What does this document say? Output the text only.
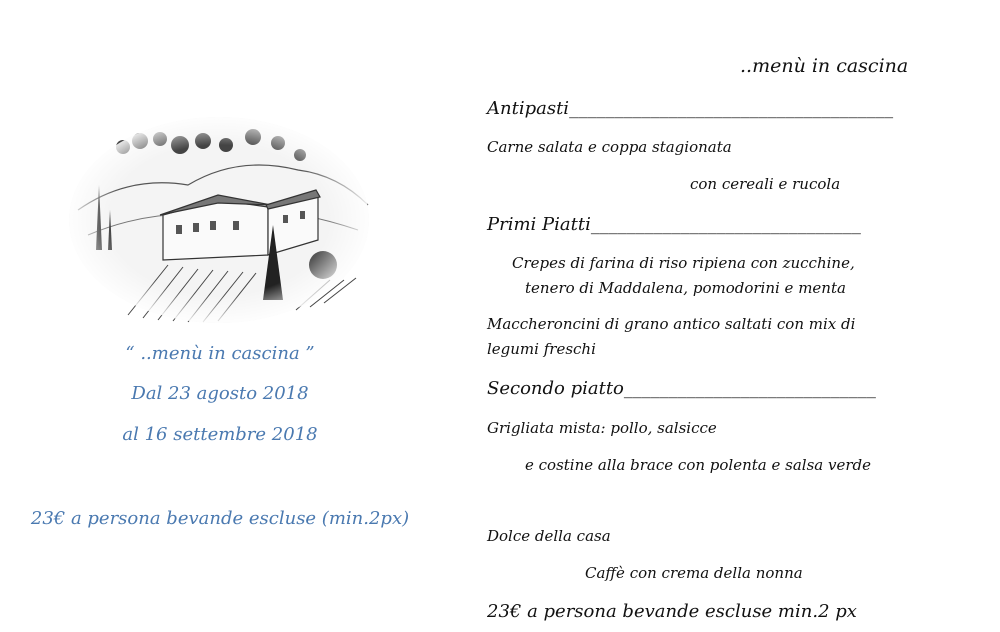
“ ..menù in cascina ”
Dal 23 agosto 2018
al 16 settembre 2018
23€ a persona bevande escluse (min.2px)
..menù in cascina
Antipasti____________________________________
Carne salata e coppa stagionata
con cereali e rucola
Primi Piatti______________________________
Crepes di farina di riso ripiena con zucchine,
tenero di Maddalena, pomodorini e menta
Maccheroncini di grano antico saltati con mix di
legumi freschi
Secondo piatto____________________________
Grigliata mista: pollo, salsicce
e costine alla brace con polenta e salsa verde
Dolce della casa
Caffè con crema della nonna
23€ a persona bevande escluse min.2 px
